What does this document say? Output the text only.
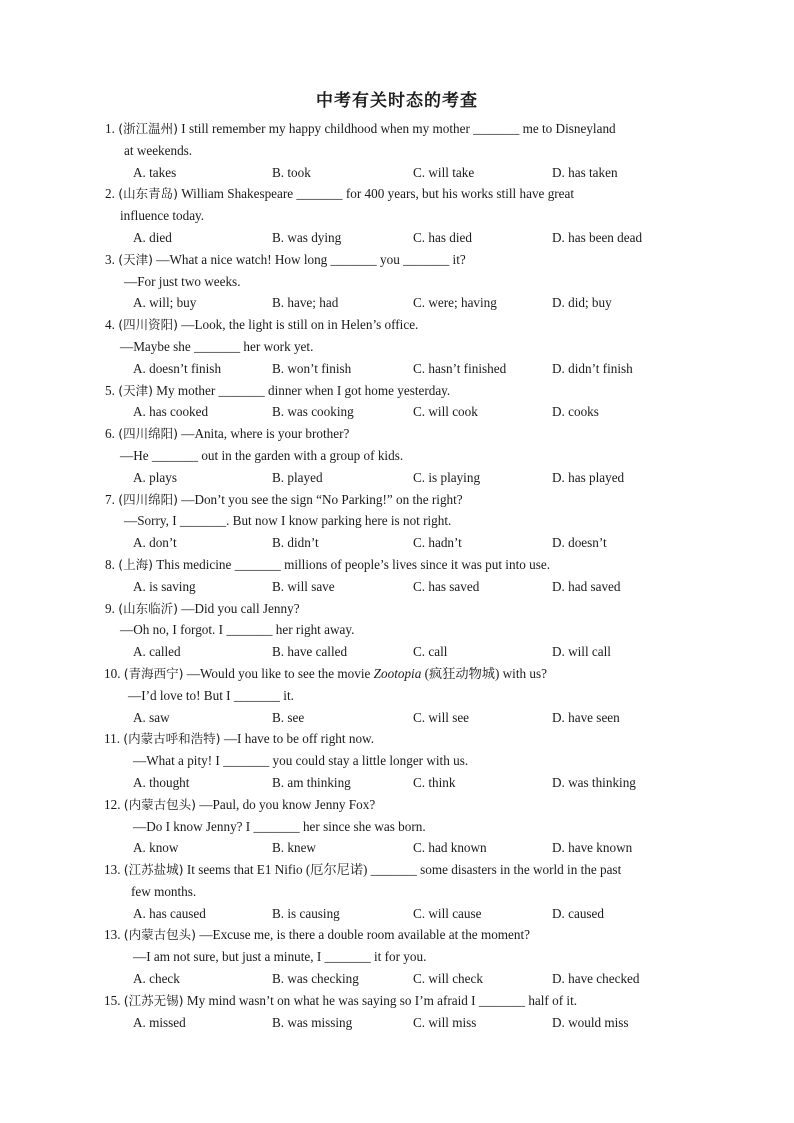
中考有关时态的考查
1. (浙江温州) I still remember my happy childhood when my mother _______ me to Disneyland
at weekends.
A. takes	B. took	C. will take	D. has taken
2. (山东青岛) William Shakespeare _______ for 400 years, but his works still have great
influence today.
A. died	B. was dying	C. has died	D. has been dead
3. (天津) —What a nice watch! How long _______ you _______ it?
—For just two weeks.
A. will; buy	B. have; had	C. were; having	D. did; buy
4. (四川资阳) —Look, the light is still on in Helen’s office.
—Maybe she _______ her work yet.
A. doesn’t finish	B. won’t finish	C. hasn’t finished	D. didn’t finish
5. (天津) My mother _______ dinner when I got home yesterday.
A. has cooked	B. was cooking	C. will cook	D. cooks
6. (四川绵阳) —Anita, where is your brother?
—He _______ out in the garden with a group of kids.
A. plays	B. played	C. is playing	D. has played
7. (四川绵阳) —Don’t you see the sign “No Parking!” on the right?
—Sorry, I _______. But now I know parking here is not right.
A. don’t	B. didn’t	C. hadn’t	D. doesn’t
8. (上海) This medicine _______ millions of people’s lives since it was put into use.
A. is saving	B. will save	C. has saved	D. had saved
9. (山东临沂) —Did you call Jenny?
—Oh no, I forgot. I _______ her right away.
A. called	B. have called	C. call	D. will call
10. (青海西宁) —Would you like to see the movie Zootopia (疯狂动物城) with us?
—I’d love to! But I _______ it.
A. saw	B. see	C. will see	D. have seen
11. (内蒙古呼和浩特) —I have to be off right now.
—What a pity! I _______ you could stay a little longer with us.
A. thought	B. am thinking	C. think	D. was thinking
12. (内蒙古包头) —Paul, do you know Jenny Fox?
—Do I know Jenny? I _______ her since she was born.
A. know	B. knew	C. had known	D. have known
13. (江苏盐城) It seems that E1 Nifio (厄尔尼诺) _______ some disasters in the world in the past
few months.
A. has caused	B. is causing	C. will cause	D. caused
13. (内蒙古包头) —Excuse me, is there a double room available at the moment?
—I am not sure, but just a minute, I _______ it for you.
A. check	B. was checking	C. will check	D. have checked
15. (江苏无锡) My mind wasn’t on what he was saying so I’m afraid I _______ half of it.
A. missed	B. was missing	C. will miss	D. would miss
